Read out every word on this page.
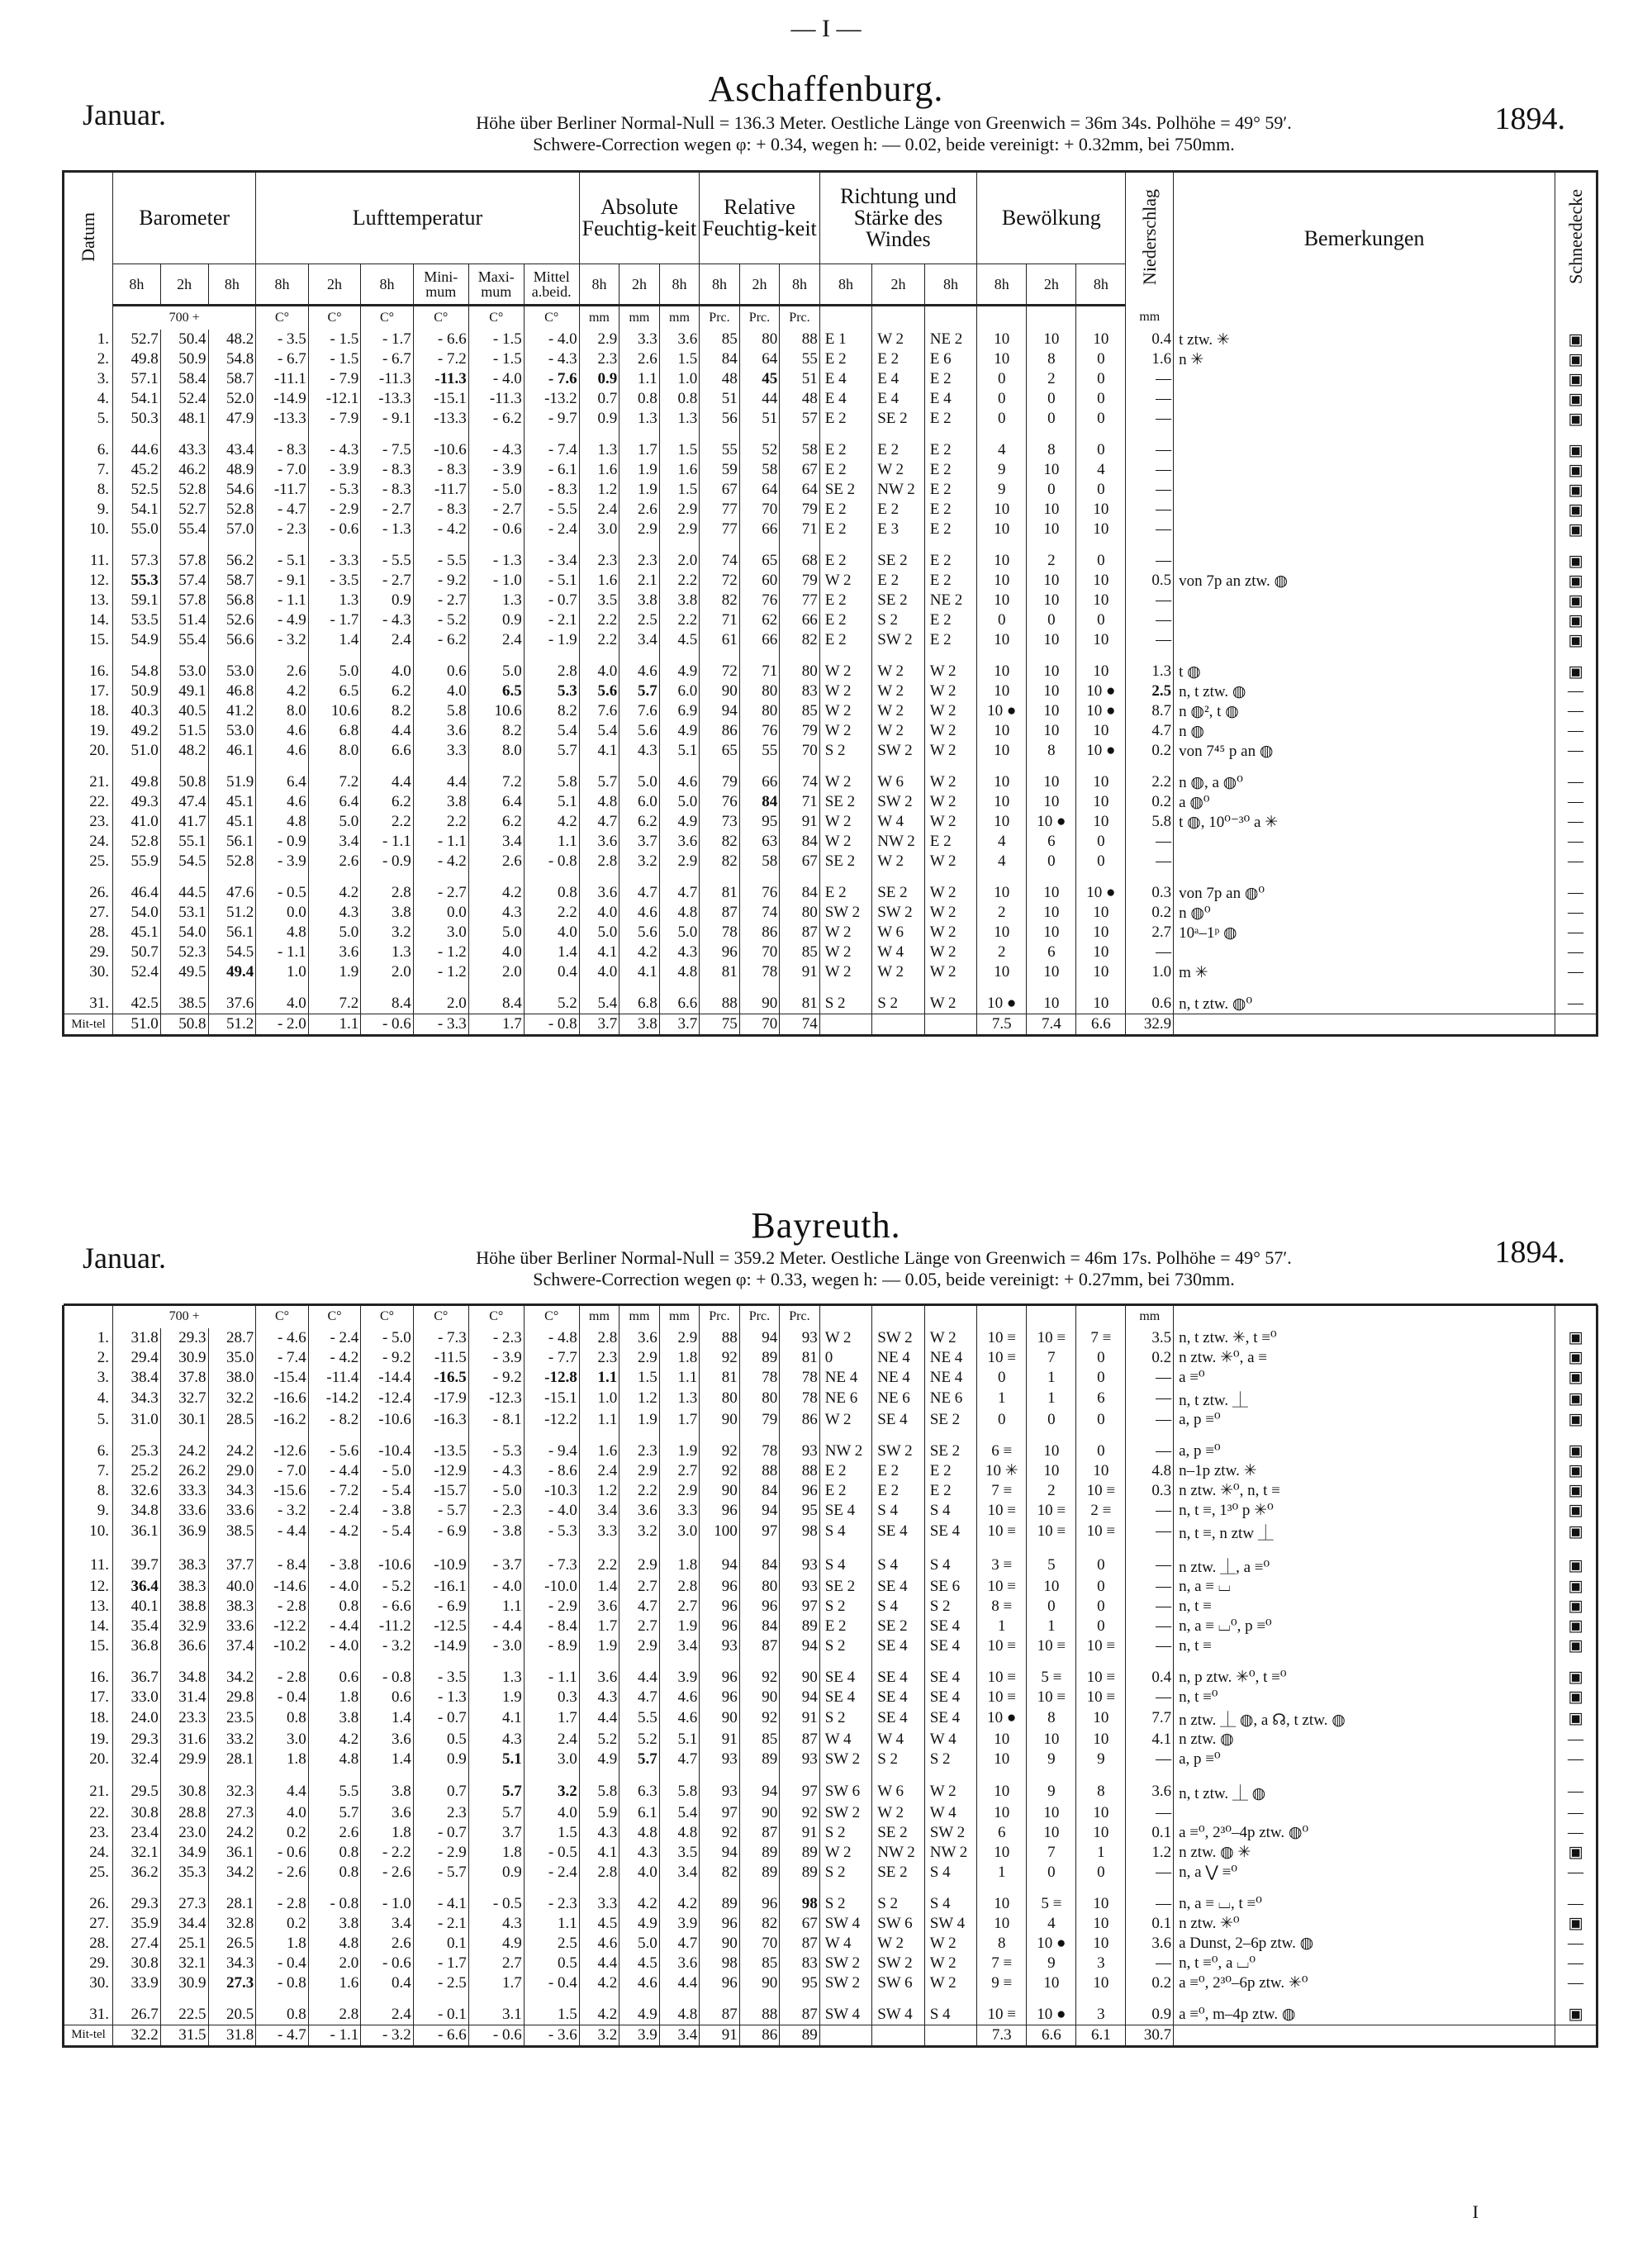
— I —
Aschaffenburg.
Januar.	1894.
Höhe über Berliner Normal-Null = 136.3 Meter. Oestliche Länge von Greenwich = 36m 34s. Polhöhe = 49° 59′.
Schwere-Correction wegen φ: + 0.34, wegen h: — 0.02, beide vereinigt: + 0.32mm, bei 750mm.
Datum	Barometer			Lufttemperatur						Absolute Feuchtig-keit			Relative Feuchtig-keit			Richtung und Stärke des Windes			Bewölkung			Niederschlag	Bemerkungen	Schneedecke
	8h	2h	8h	8h	2h	8h	Mini-mum	Maxi-mum	Mittel a.beid.	8h	2h	8h	8h	2h	8h	8h	2h	8h	8h	2h	8h			
	700 +			C°	C°	C°	C°	C°	C°	mm	mm	mm	Prc.	Prc.	Prc.							mm		
1.	52.7	50.4	48.2	- 3.5	- 1.5	- 1.7	- 6.6	- 1.5	- 4.0	2.9	3.3	3.6	85	80	88	E 1	W 2	NE 2	10	10	10	0.4	t ztw. ✳	▣
2.	49.8	50.9	54.8	- 6.7	- 1.5	- 6.7	- 7.2	- 1.5	- 4.3	2.3	2.6	1.5	84	64	55	E 2	E 2	E 6	10	8	0	1.6	n ✳	▣
3.	57.1	58.4	58.7	-11.1	- 7.9	-11.3	-11.3	- 4.0	- 7.6	0.9	1.1	1.0	48	45	51	E 4	E 4	E 2	0	2	0	—		▣
4.	54.1	52.4	52.0	-14.9	-12.1	-13.3	-15.1	-11.3	-13.2	0.7	0.8	0.8	51	44	48	E 4	E 4	E 4	0	0	0	—		▣
5.	50.3	48.1	47.9	-13.3	- 7.9	- 9.1	-13.3	- 6.2	- 9.7	0.9	1.3	1.3	56	51	57	E 2	SE 2	E 2	0	0	0	—		▣
6.	44.6	43.3	43.4	- 8.3	- 4.3	- 7.5	-10.6	- 4.3	- 7.4	1.3	1.7	1.5	55	52	58	E 2	E 2	E 2	4	8	0	—		▣
7.	45.2	46.2	48.9	- 7.0	- 3.9	- 8.3	- 8.3	- 3.9	- 6.1	1.6	1.9	1.6	59	58	67	E 2	W 2	E 2	9	10	4	—		▣
8.	52.5	52.8	54.6	-11.7	- 5.3	- 8.3	-11.7	- 5.0	- 8.3	1.2	1.9	1.5	67	64	64	SE 2	NW 2	E 2	9	0	0	—		▣
9.	54.1	52.7	52.8	- 4.7	- 2.9	- 2.7	- 8.3	- 2.7	- 5.5	2.4	2.6	2.9	77	70	79	E 2	E 2	E 2	10	10	10	—		▣
10.	55.0	55.4	57.0	- 2.3	- 0.6	- 1.3	- 4.2	- 0.6	- 2.4	3.0	2.9	2.9	77	66	71	E 2	E 3	E 2	10	10	10	—		▣
11.	57.3	57.8	56.2	- 5.1	- 3.3	- 5.5	- 5.5	- 1.3	- 3.4	2.3	2.3	2.0	74	65	68	E 2	SE 2	E 2	10	2	0	—		▣
12.	55.3	57.4	58.7	- 9.1	- 3.5	- 2.7	- 9.2	- 1.0	- 5.1	1.6	2.1	2.2	72	60	79	W 2	E 2	E 2	10	10	10	0.5	von 7p an ztw. ◍	▣
13.	59.1	57.8	56.8	- 1.1	1.3	0.9	- 2.7	1.3	- 0.7	3.5	3.8	3.8	82	76	77	E 2	SE 2	NE 2	10	10	10	—		▣
14.	53.5	51.4	52.6	- 4.9	- 1.7	- 4.3	- 5.2	0.9	- 2.1	2.2	2.5	2.2	71	62	66	E 2	S 2	E 2	0	0	0	—		▣
15.	54.9	55.4	56.6	- 3.2	1.4	2.4	- 6.2	2.4	- 1.9	2.2	3.4	4.5	61	66	82	E 2	SW 2	E 2	10	10	10	—		▣
16.	54.8	53.0	53.0	2.6	5.0	4.0	0.6	5.0	2.8	4.0	4.6	4.9	72	71	80	W 2	W 2	W 2	10	10	10	1.3	t ◍	▣
17.	50.9	49.1	46.8	4.2	6.5	6.2	4.0	6.5	5.3	5.6	5.7	6.0	90	80	83	W 2	W 2	W 2	10	10	10 ●	2.5	n, t ztw. ◍	—
18.	40.3	40.5	41.2	8.0	10.6	8.2	5.8	10.6	8.2	7.6	7.6	6.9	94	80	85	W 2	W 2	W 2	10 ●	10	10 ●	8.7	n ◍², t ◍	—
19.	49.2	51.5	53.0	4.6	6.8	4.4	3.6	8.2	5.4	5.4	5.6	4.9	86	76	79	W 2	W 2	W 2	10	10	10	4.7	n ◍	—
20.	51.0	48.2	46.1	4.6	8.0	6.6	3.3	8.0	5.7	4.1	4.3	5.1	65	55	70	S 2	SW 2	W 2	10	8	10 ●	0.2	von 7⁴⁵ p an ◍	—
21.	49.8	50.8	51.9	6.4	7.2	4.4	4.4	7.2	5.8	5.7	5.0	4.6	79	66	74	W 2	W 6	W 2	10	10	10	2.2	n ◍, a ◍⁰	—
22.	49.3	47.4	45.1	4.6	6.4	6.2	3.8	6.4	5.1	4.8	6.0	5.0	76	84	71	SE 2	SW 2	W 2	10	10	10	0.2	a ◍⁰	—
23.	41.0	41.7	45.1	4.8	5.0	2.2	2.2	6.2	4.2	4.7	6.2	4.9	73	95	91	W 2	W 4	W 2	10	10 ●	10	5.8	t ◍, 10⁰⁻³⁰ a ✳	—
24.	52.8	55.1	56.1	- 0.9	3.4	- 1.1	- 1.1	3.4	1.1	3.6	3.7	3.6	82	63	84	W 2	NW 2	E 2	4	6	0	—		—
25.	55.9	54.5	52.8	- 3.9	2.6	- 0.9	- 4.2	2.6	- 0.8	2.8	3.2	2.9	82	58	67	SE 2	W 2	W 2	4	0	0	—		—
26.	46.4	44.5	47.6	- 0.5	4.2	2.8	- 2.7	4.2	0.8	3.6	4.7	4.7	81	76	84	E 2	SE 2	W 2	10	10	10 ●	0.3	von 7p an ◍⁰	—
27.	54.0	53.1	51.2	0.0	4.3	3.8	0.0	4.3	2.2	4.0	4.6	4.8	87	74	80	SW 2	SW 2	W 2	2	10	10	0.2	n ◍⁰	—
28.	45.1	54.0	56.1	4.8	5.0	3.2	3.0	5.0	4.0	5.0	5.6	5.0	78	86	87	W 2	W 6	W 2	10	10	10	2.7	10ᵃ–1ᵖ ◍	—
29.	50.7	52.3	54.5	- 1.1	3.6	1.3	- 1.2	4.0	1.4	4.1	4.2	4.3	96	70	85	W 2	W 4	W 2	2	6	10	—		—
30.	52.4	49.5	49.4	1.0	1.9	2.0	- 1.2	2.0	0.4	4.0	4.1	4.8	81	78	91	W 2	W 2	W 2	10	10	10	1.0	m ✳	—
31.	42.5	38.5	37.6	4.0	7.2	8.4	2.0	8.4	5.2	5.4	6.8	6.6	88	90	81	S 2	S 2	W 2	10 ●	10	10	0.6	n, t ztw. ◍⁰	—
Mit-tel	51.0	50.8	51.2	- 2.0	1.1	- 0.6	- 3.3	1.7	- 0.8	3.7	3.8	3.7	75	70	74				7.5	7.4	6.6	32.9		
Bayreuth.
Januar.	1894.
Höhe über Berliner Normal-Null = 359.2 Meter. Oestliche Länge von Greenwich = 46m 17s. Polhöhe = 49° 57′.
Schwere-Correction wegen φ: + 0.33, wegen h: — 0.05, beide vereinigt: + 0.27mm, bei 730mm.

	700 +			C°	C°	C°	C°	C°	C°	mm	mm	mm	Prc.	Prc.	Prc.							mm		
1.	31.8	29.3	28.7	- 4.6	- 2.4	- 5.0	- 7.3	- 2.3	- 4.8	2.8	3.6	2.9	88	94	93	W 2	SW 2	W 2	10 ≡	10 ≡	7 ≡	3.5	n, t ztw. ✳, t ≡⁰	▣
2.	29.4	30.9	35.0	- 7.4	- 4.2	- 9.2	-11.5	- 3.9	- 7.7	2.3	2.9	1.8	92	89	81	0	NE 4	NE 4	10 ≡	7	0	0.2	n ztw. ✳⁰, a ≡	▣
3.	38.4	37.8	38.0	-15.4	-11.4	-14.4	-16.5	- 9.2	-12.8	1.1	1.5	1.1	81	78	78	NE 4	NE 4	NE 4	0	1	0	—	a ≡⁰	▣
4.	34.3	32.7	32.2	-16.6	-14.2	-12.4	-17.9	-12.3	-15.1	1.0	1.2	1.3	80	80	78	NE 6	NE 6	NE 6	1	1	6	—	n, t ztw. ⏊	▣
5.	31.0	30.1	28.5	-16.2	- 8.2	-10.6	-16.3	- 8.1	-12.2	1.1	1.9	1.7	90	79	86	W 2	SE 4	SE 2	0	0	0	—	a, p ≡⁰	▣
6.	25.3	24.2	24.2	-12.6	- 5.6	-10.4	-13.5	- 5.3	- 9.4	1.6	2.3	1.9	92	78	93	NW 2	SW 2	SE 2	6 ≡	10	0	—	a, p ≡⁰	▣
7.	25.2	26.2	29.0	- 7.0	- 4.4	- 5.0	-12.9	- 4.3	- 8.6	2.4	2.9	2.7	92	88	88	E 2	E 2	E 2	10 ✳	10	10	4.8	n–1p ztw. ✳	▣
8.	32.6	33.3	34.3	-15.6	- 7.2	- 5.4	-15.7	- 5.0	-10.3	1.2	2.2	2.9	90	84	96	E 2	E 2	E 2	7 ≡	2	10 ≡	0.3	n ztw. ✳⁰, n, t ≡	▣
9.	34.8	33.6	33.6	- 3.2	- 2.4	- 3.8	- 5.7	- 2.3	- 4.0	3.4	3.6	3.3	96	94	95	SE 4	S 4	S 4	10 ≡	10 ≡	2 ≡	—	n, t ≡, 1³⁰ p ✳⁰	▣
10.	36.1	36.9	38.5	- 4.4	- 4.2	- 5.4	- 6.9	- 3.8	- 5.3	3.3	3.2	3.0	100	97	98	S 4	SE 4	SE 4	10 ≡	10 ≡	10 ≡	—	n, t ≡, n ztw ⏊	▣
11.	39.7	38.3	37.7	- 8.4	- 3.8	-10.6	-10.9	- 3.7	- 7.3	2.2	2.9	1.8	94	84	93	S 4	S 4	S 4	3 ≡	5	0	—	n ztw. ⏊, a ≡⁰	▣
12.	36.4	38.3	40.0	-14.6	- 4.0	- 5.2	-16.1	- 4.0	-10.0	1.4	2.7	2.8	96	80	93	SE 2	SE 4	SE 6	10 ≡	10	0	—	n, a ≡ ⌴	▣
13.	40.1	38.8	38.3	- 2.8	0.8	- 6.6	- 6.9	1.1	- 2.9	3.6	4.7	2.7	96	96	97	S 2	S 4	S 2	8 ≡	0	0	—	n, t ≡	▣
14.	35.4	32.9	33.6	-12.2	- 4.4	-11.2	-12.5	- 4.4	- 8.4	1.7	2.7	1.9	96	84	89	E 2	SE 2	SE 4	1	1	0	—	n, a ≡ ⌴⁰, p ≡⁰	▣
15.	36.8	36.6	37.4	-10.2	- 4.0	- 3.2	-14.9	- 3.0	- 8.9	1.9	2.9	3.4	93	87	94	S 2	SE 4	SE 4	10 ≡	10 ≡	10 ≡	—	n, t ≡	▣
16.	36.7	34.8	34.2	- 2.8	0.6	- 0.8	- 3.5	1.3	- 1.1	3.6	4.4	3.9	96	92	90	SE 4	SE 4	SE 4	10 ≡	5 ≡	10 ≡	0.4	n, p ztw. ✳⁰, t ≡⁰	▣
17.	33.0	31.4	29.8	- 0.4	1.8	0.6	- 1.3	1.9	0.3	4.3	4.7	4.6	96	90	94	SE 4	SE 4	SE 4	10 ≡	10 ≡	10 ≡	—	n, t ≡⁰	▣
18.	24.0	23.3	23.5	0.8	3.8	1.4	- 0.7	4.1	1.7	4.4	5.5	4.6	90	92	91	S 2	SE 4	SE 4	10 ●	8	10	7.7	n ztw. ⏊ ◍, a ☊, t ztw. ◍	▣
19.	29.3	31.6	33.2	3.0	4.2	3.6	0.5	4.3	2.4	5.2	5.2	5.1	91	85	87	W 4	W 4	W 4	10	10	10	4.1	n ztw. ◍	—
20.	32.4	29.9	28.1	1.8	4.8	1.4	0.9	5.1	3.0	4.9	5.7	4.7	93	89	93	SW 2	S 2	S 2	10	9	9	—	a, p ≡⁰	—
21.	29.5	30.8	32.3	4.4	5.5	3.8	0.7	5.7	3.2	5.8	6.3	5.8	93	94	97	SW 6	W 6	W 2	10	9	8	3.6	n, t ztw. ⏊ ◍	—
22.	30.8	28.8	27.3	4.0	5.7	3.6	2.3	5.7	4.0	5.9	6.1	5.4	97	90	92	SW 2	W 2	W 4	10	10	10	—		—
23.	23.4	23.0	24.2	0.2	2.6	1.8	- 0.7	3.7	1.5	4.3	4.8	4.8	92	87	91	S 2	SE 2	SW 2	6	10	10	0.1	a ≡⁰, 2³⁰–4p ztw. ◍⁰	—
24.	32.1	34.9	36.1	- 0.6	0.8	- 2.2	- 2.9	1.8	- 0.5	4.1	4.3	3.5	94	89	89	W 2	NW 2	NW 2	10	7	1	1.2	n ztw. ◍ ✳	▣
25.	36.2	35.3	34.2	- 2.6	0.8	- 2.6	- 5.7	0.9	- 2.4	2.8	4.0	3.4	82	89	89	S 2	SE 2	S 4	1	0	0	—	n, a ⋁ ≡⁰	—
26.	29.3	27.3	28.1	- 2.8	- 0.8	- 1.0	- 4.1	- 0.5	- 2.3	3.3	4.2	4.2	89	96	98	S 2	S 2	S 4	10	5 ≡	10	—	n, a ≡ ⌴, t ≡⁰	—
27.	35.9	34.4	32.8	0.2	3.8	3.4	- 2.1	4.3	1.1	4.5	4.9	3.9	96	82	67	SW 4	SW 6	SW 4	10	4	10	0.1	n ztw. ✳⁰	▣
28.	27.4	25.1	26.5	1.8	4.8	2.6	0.1	4.9	2.5	4.6	5.0	4.7	90	70	87	W 4	W 2	W 2	8	10 ●	10	3.6	a Dunst, 2–6p ztw. ◍	—
29.	30.8	32.1	34.3	- 0.4	2.0	- 0.6	- 1.7	2.7	0.5	4.4	4.5	3.6	98	85	83	SW 2	SW 2	W 2	7 ≡	9	3	—	n, t ≡⁰, a ⌴⁰	—
30.	33.9	30.9	27.3	- 0.8	1.6	0.4	- 2.5	1.7	- 0.4	4.2	4.6	4.4	96	90	95	SW 2	SW 6	W 2	9 ≡	10	10	0.2	a ≡⁰, 2³⁰–6p ztw. ✳⁰	—
31.	26.7	22.5	20.5	0.8	2.8	2.4	- 0.1	3.1	1.5	4.2	4.9	4.8	87	88	87	SW 4	SW 4	S 4	10 ≡	10 ●	3	0.9	a ≡⁰, m–4p ztw. ◍	▣
Mit-tel	32.2	31.5	31.8	- 4.7	- 1.1	- 3.2	- 6.6	- 0.6	- 3.6	3.2	3.9	3.4	91	86	89				7.3	6.6	6.1	30.7		
I
